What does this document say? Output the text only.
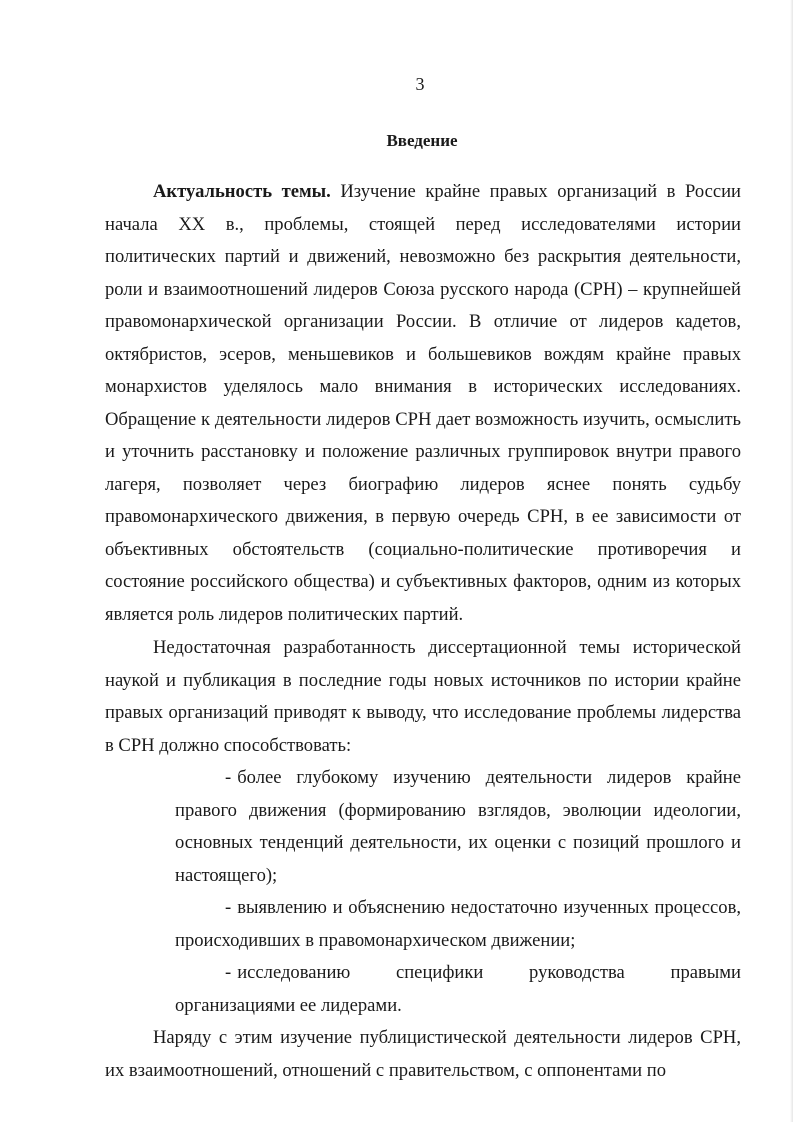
3
Введение

Актуальность темы. Изучение крайне правых организаций в России начала XX в., проблемы, стоящей перед исследователями истории политических партий и движений, невозможно без раскрытия деятельности, роли и взаимоотношений лидеров Союза русского народа (СРН) – крупнейшей правомонархической организации России. В отличие от лидеров кадетов, октябристов, эсеров, меньшевиков и большевиков вождям крайне правых монархистов уделялось мало внимания в исторических исследованиях. Обращение к деятельности лидеров СРН дает возможность изучить, осмыслить и уточнить расстановку и положение различных группировок внутри правого лагеря, позволяет через биографию лидеров яснее понять судьбу правомонархического движения, в первую очередь СРН, в ее зависимости от объективных обстоятельств (социально-политические противоречия и состояние российского общества) и субъективных факторов, одним из которых является роль лидеров политических партий.

Недостаточная разработанность диссертационной темы исторической наукой и публикация в последние годы новых источников по истории крайне правых организаций приводят к выводу, что исследование проблемы лидерства в СРН должно способствовать:

- более глубокому изучению деятельности лидеров крайне правого движения (формированию взглядов, эволюции идеологии, основных тенденций деятельности, их оценки с позиций прошлого и настоящего);
- выявлению и объяснению недостаточно изученных процессов, происходивших в правомонархическом движении;
- исследованию специфики руководства правыми организациями ее лидерами.

Наряду с этим изучение публицистической деятельности лидеров СРН, их взаимоотношений, отношений с правительством, с оппонентами по
